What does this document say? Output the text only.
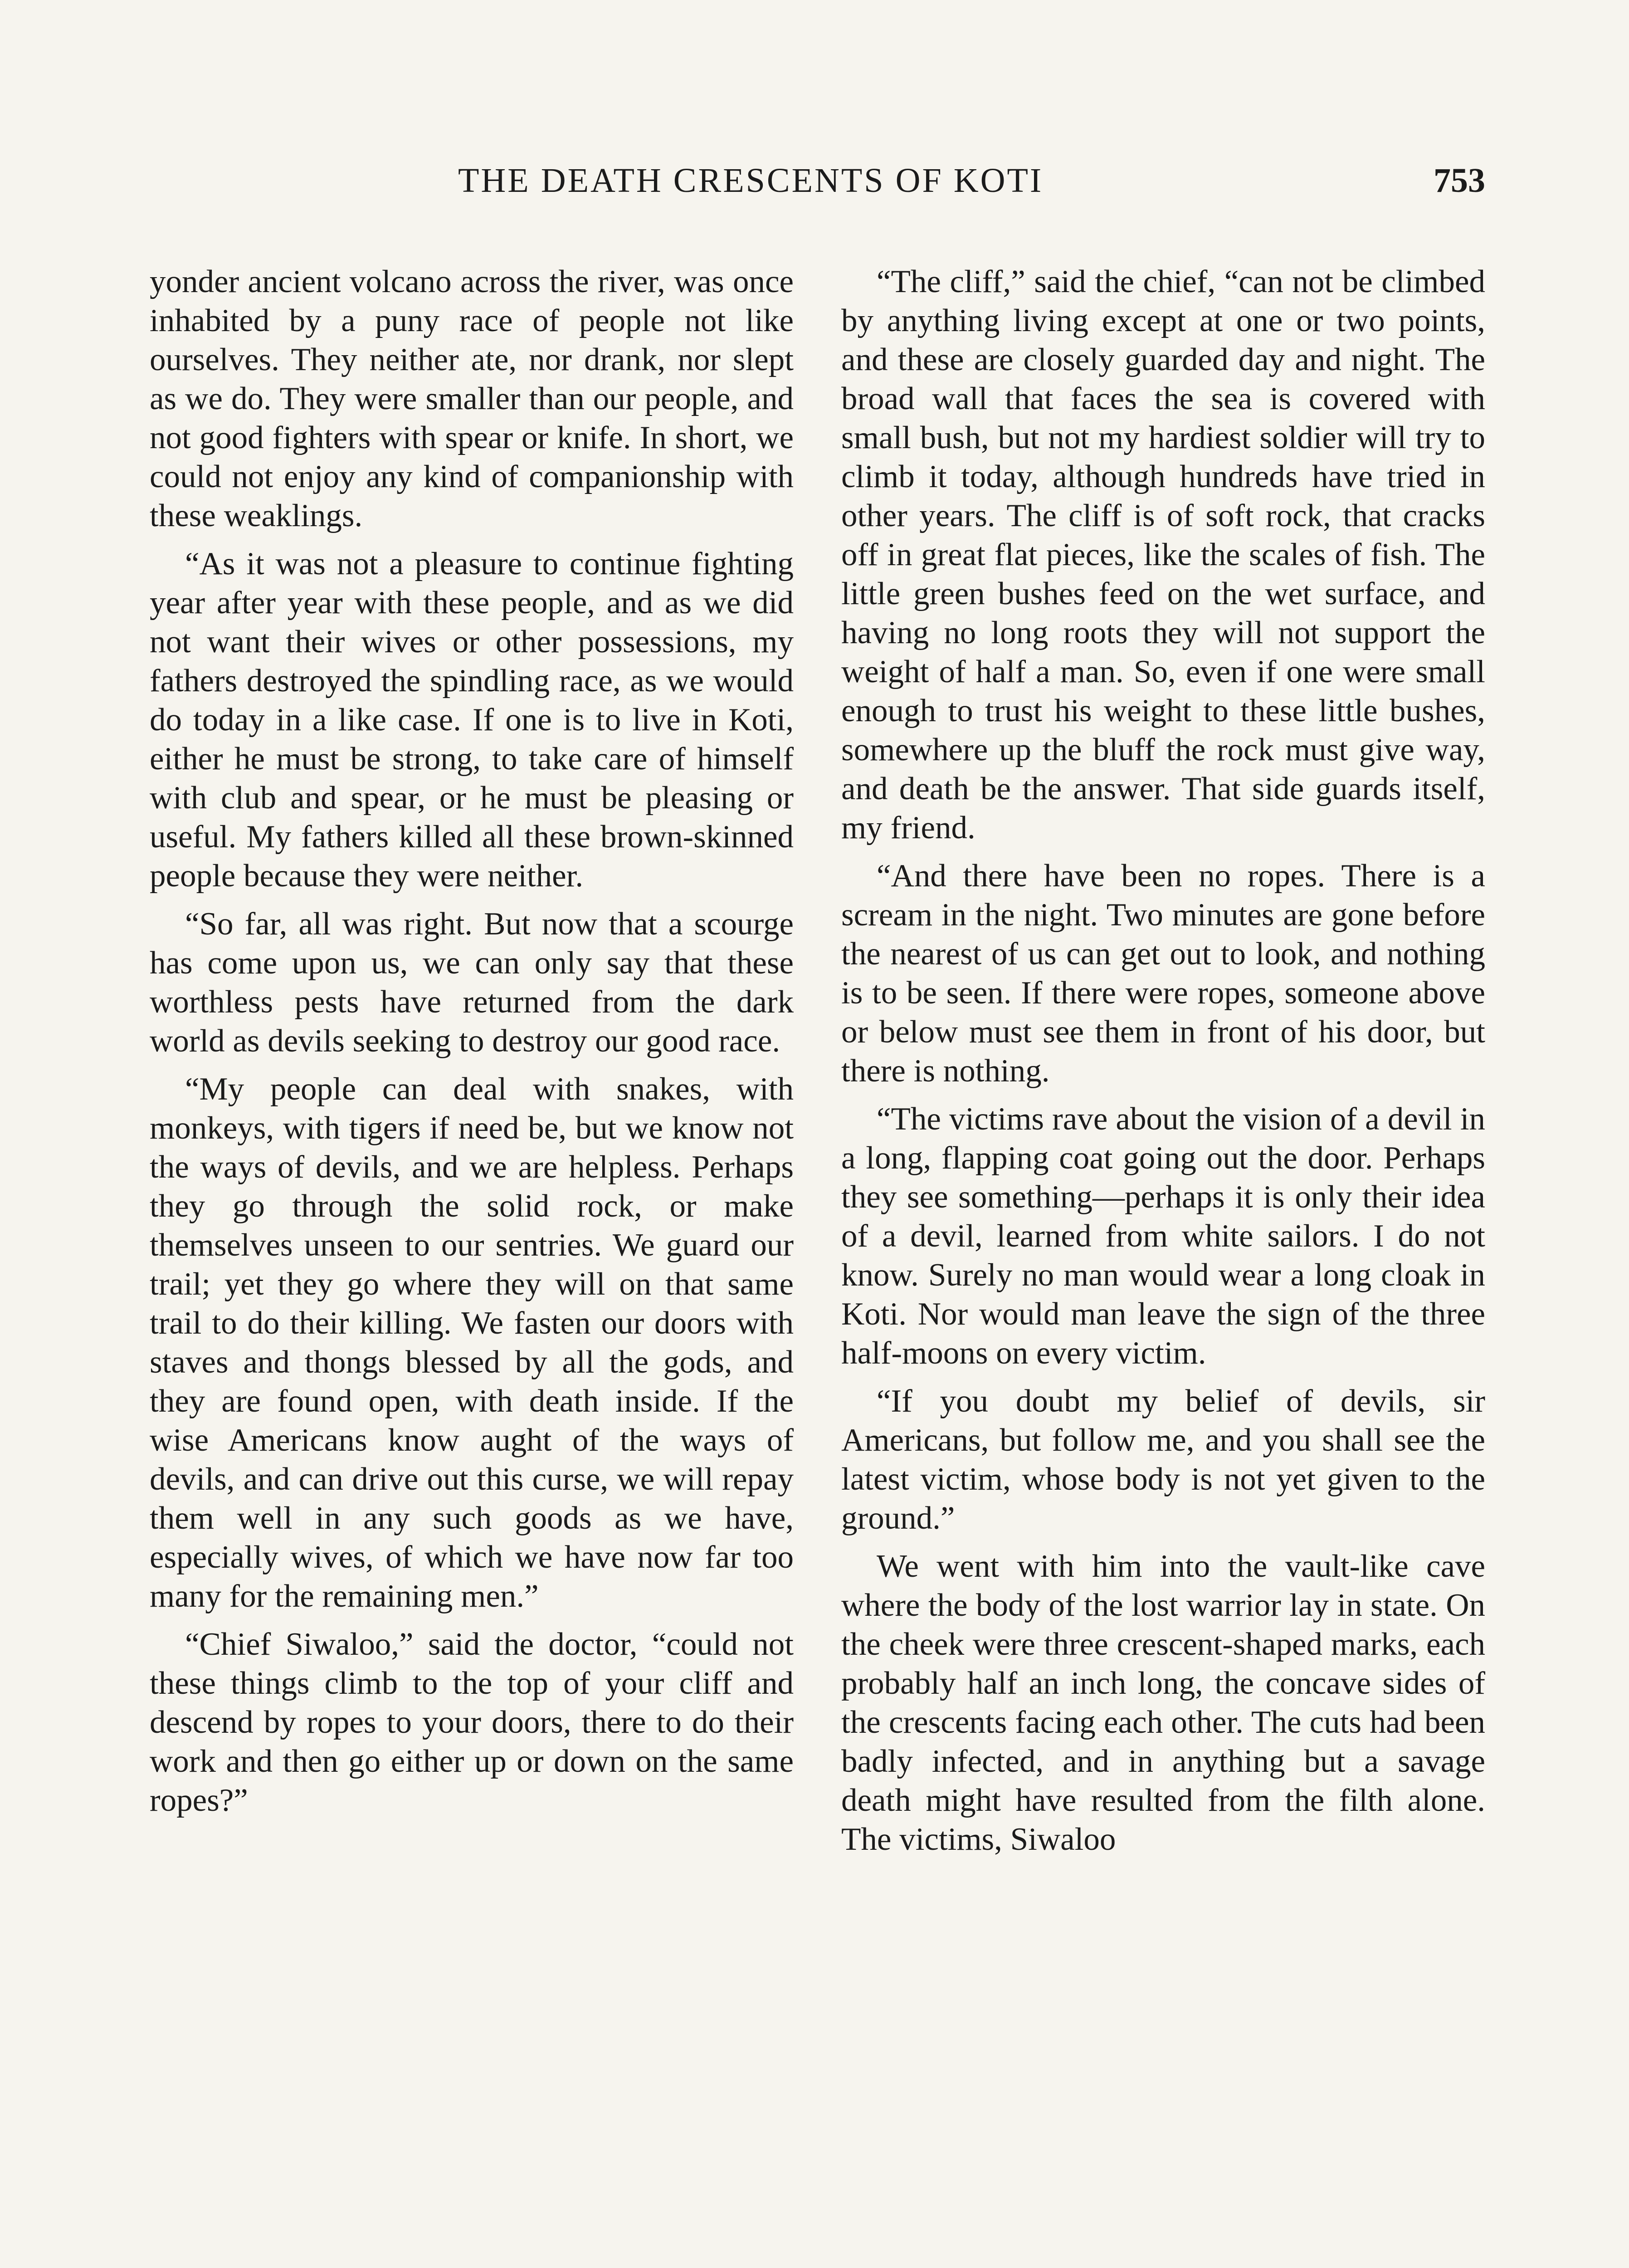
THE DEATH CRESCENTS OF KOTI	753

yonder ancient volcano across the river, was once inhabited by a puny race of people not like ourselves. They neither ate, nor drank, nor slept as we do. They were smaller than our people, and not good fighters with spear or knife. In short, we could not enjoy any kind of companionship with these weaklings.

“As it was not a pleasure to continue fighting year after year with these people, and as we did not want their wives or other possessions, my fathers destroyed the spindling race, as we would do today in a like case. If one is to live in Koti, either he must be strong, to take care of himself with club and spear, or he must be pleasing or useful. My fathers killed all these brown-skinned people because they were neither.

“So far, all was right. But now that a scourge has come upon us, we can only say that these worthless pests have returned from the dark world as devils seeking to destroy our good race.

“My people can deal with snakes, with monkeys, with tigers if need be, but we know not the ways of devils, and we are helpless. Perhaps they go through the solid rock, or make themselves unseen to our sentries. We guard our trail; yet they go where they will on that same trail to do their killing. We fasten our doors with staves and thongs blessed by all the gods, and they are found open, with death inside. If the wise Americans know aught of the ways of devils, and can drive out this curse, we will repay them well in any such goods as we have, especially wives, of which we have now far too many for the remaining men.”

“Chief Siwaloo,” said the doctor, “could not these things climb to the top of your cliff and descend by ropes to your doors, there to do their work and then go either up or down on the same ropes?”

“The cliff,” said the chief, “can not be climbed by anything living except at one or two points, and these are closely guarded day and night. The broad wall that faces the sea is covered with small bush, but not my hardiest soldier will try to climb it today, although hundreds have tried in other years. The cliff is of soft rock, that cracks off in great flat pieces, like the scales of fish. The little green bushes feed on the wet surface, and having no long roots they will not support the weight of half a man. So, even if one were small enough to trust his weight to these little bushes, somewhere up the bluff the rock must give way, and death be the answer. That side guards itself, my friend.

“And there have been no ropes. There is a scream in the night. Two minutes are gone before the nearest of us can get out to look, and nothing is to be seen. If there were ropes, someone above or below must see them in front of his door, but there is nothing.

“The victims rave about the vision of a devil in a long, flapping coat going out the door. Perhaps they see something—perhaps it is only their idea of a devil, learned from white sailors. I do not know. Surely no man would wear a long cloak in Koti. Nor would man leave the sign of the three half-moons on every victim.

“If you doubt my belief of devils, sir Americans, but follow me, and you shall see the latest victim, whose body is not yet given to the ground.”

We went with him into the vault-like cave where the body of the lost warrior lay in state. On the cheek were three crescent-shaped marks, each probably half an inch long, the concave sides of the crescents facing each other. The cuts had been badly infected, and in anything but a savage death might have resulted from the filth alone. The victims, Siwaloo
